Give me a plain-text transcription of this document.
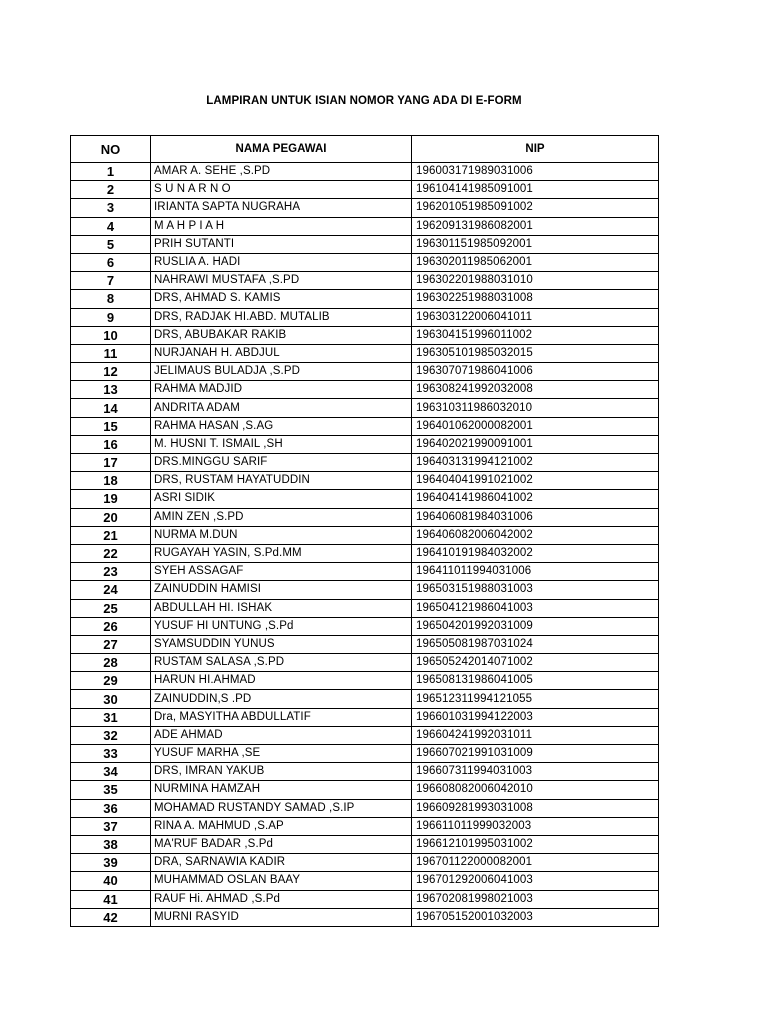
LAMPIRAN UNTUK ISIAN NOMOR YANG ADA DI E-FORM
NO	NAMA PEGAWAI	NIP
1	AMAR A. SEHE ,S.PD	196003171989031006
2	S U N A R N O	196104141985091001
3	IRIANTA SAPTA NUGRAHA	196201051985091002
4	M A H P I A H	196209131986082001
5	PRIH SUTANTI	196301151985092001
6	RUSLIA A. HADI	196302011985062001
7	NAHRAWI MUSTAFA ,S.PD	196302201988031010
8	DRS, AHMAD S. KAMIS	196302251988031008
9	DRS, RADJAK HI.ABD. MUTALIB	196303122006041011
10	DRS, ABUBAKAR RAKIB	196304151996011002
11	NURJANAH H. ABDJUL	196305101985032015
12	JELIMAUS BULADJA ,S.PD	196307071986041006
13	RAHMA MADJID	196308241992032008
14	ANDRITA ADAM	196310311986032010
15	RAHMA HASAN ,S.AG	196401062000082001
16	M. HUSNI T. ISMAIL ,SH	196402021990091001
17	DRS.MINGGU SARIF	196403131994121002
18	DRS, RUSTAM HAYATUDDIN	196404041991021002
19	ASRI SIDIK	196404141986041002
20	AMIN ZEN ,S.PD	196406081984031006
21	NURMA M.DUN	196406082006042002
22	RUGAYAH YASIN, S.Pd.MM	196410191984032002
23	SYEH ASSAGAF	196411011994031006
24	ZAINUDDIN HAMISI	196503151988031003
25	ABDULLAH HI. ISHAK	196504121986041003
26	YUSUF HI UNTUNG ,S.Pd	196504201992031009
27	SYAMSUDDIN YUNUS	196505081987031024
28	RUSTAM SALASA ,S.PD	196505242014071002
29	HARUN HI.AHMAD	196508131986041005
30	ZAINUDDIN,S .PD	196512311994121055
31	Dra, MASYITHA ABDULLATIF	196601031994122003
32	ADE AHMAD	196604241992031011
33	YUSUF MARHA ,SE	196607021991031009
34	DRS, IMRAN YAKUB	196607311994031003
35	NURMINA HAMZAH	196608082006042010
36	MOHAMAD RUSTANDY SAMAD ,S.IP	196609281993031008
37	RINA A. MAHMUD ,S.AP	196611011999032003
38	MA'RUF BADAR ,S.Pd	196612101995031002
39	DRA, SARNAWIA KADIR	196701122000082001
40	MUHAMMAD OSLAN BAAY	196701292006041003
41	RAUF Hi. AHMAD ,S.Pd	196702081998021003
42	MURNI RASYID	196705152001032003
